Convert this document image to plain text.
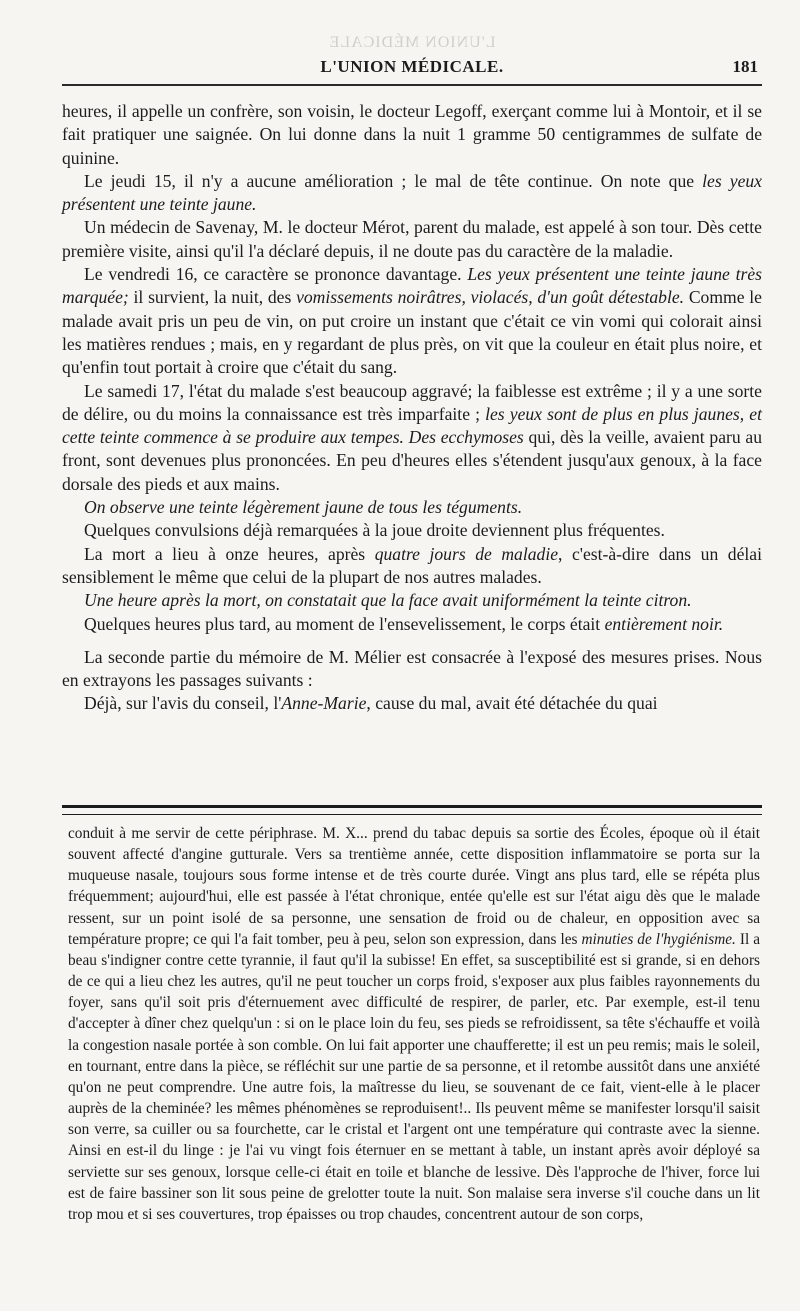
L'UNION MÉDICALE
L'UNION MÉDICALE.	181

heures, il appelle un confrère, son voisin, le docteur Legoff, exerçant comme lui à Montoir, et il se fait pratiquer une saignée. On lui donne dans la nuit 1 gramme 50 centigrammes de sulfate de quinine.

Le jeudi 15, il n'y a aucune amélioration ; le mal de tête continue. On note que les yeux présentent une teinte jaune.

Un médecin de Savenay, M. le docteur Mérot, parent du malade, est appelé à son tour. Dès cette première visite, ainsi qu'il l'a déclaré depuis, il ne doute pas du caractère de la maladie.

Le vendredi 16, ce caractère se prononce davantage. Les yeux présentent une teinte jaune très marquée; il survient, la nuit, des vomissements noirâtres, violacés, d'un goût détestable. Comme le malade avait pris un peu de vin, on put croire un instant que c'était ce vin vomi qui colorait ainsi les matières rendues ; mais, en y regardant de plus près, on vit que la couleur en était plus noire, et qu'enfin tout portait à croire que c'était du sang.

Le samedi 17, l'état du malade s'est beaucoup aggravé; la faiblesse est extrême ; il y a une sorte de délire, ou du moins la connaissance est très imparfaite ; les yeux sont de plus en plus jaunes, et cette teinte commence à se produire aux tempes. Des ecchymoses qui, dès la veille, avaient paru au front, sont devenues plus prononcées. En peu d'heures elles s'étendent jusqu'aux genoux, à la face dorsale des pieds et aux mains.

On observe une teinte légèrement jaune de tous les téguments.

Quelques convulsions déjà remarquées à la joue droite deviennent plus fréquentes.

La mort a lieu à onze heures, après quatre jours de maladie, c'est-à-dire dans un délai sensiblement le même que celui de la plupart de nos autres malades.

Une heure après la mort, on constatait que la face avait uniformément la teinte citron.

Quelques heures plus tard, au moment de l'ensevelissement, le corps était entièrement noir.

La seconde partie du mémoire de M. Mélier est consacrée à l'exposé des mesures prises. Nous en extrayons les passages suivants :

Déjà, sur l'avis du conseil, l'Anne-Marie, cause du mal, avait été détachée du quai

conduit à me servir de cette périphrase. M. X... prend du tabac depuis sa sortie des Écoles, époque où il était souvent affecté d'angine gutturale. Vers sa trentième année, cette disposition inflammatoire se porta sur la muqueuse nasale, toujours sous forme intense et de très courte durée. Vingt ans plus tard, elle se répéta plus fréquemment; aujourd'hui, elle est passée à l'état chronique, entée qu'elle est sur l'état aigu dès que le malade ressent, sur un point isolé de sa personne, une sensation de froid ou de chaleur, en opposition avec sa température propre; ce qui l'a fait tomber, peu à peu, selon son expression, dans les minuties de l'hygiénisme. Il a beau s'indigner contre cette tyrannie, il faut qu'il la subisse! En effet, sa susceptibilité est si grande, si en dehors de ce qui a lieu chez les autres, qu'il ne peut toucher un corps froid, s'exposer aux plus faibles rayonnements du foyer, sans qu'il soit pris d'éternuement avec difficulté de respirer, de parler, etc. Par exemple, est-il tenu d'accepter à dîner chez quelqu'un : si on le place loin du feu, ses pieds se refroidissent, sa tête s'échauffe et voilà la congestion nasale portée à son comble. On lui fait apporter une chaufferette; il est un peu remis; mais le soleil, en tournant, entre dans la pièce, se réfléchit sur une partie de sa personne, et il retombe aussitôt dans une anxiété qu'on ne peut comprendre. Une autre fois, la maîtresse du lieu, se souvenant de ce fait, vient-elle à le placer auprès de la cheminée? les mêmes phénomènes se reproduisent!.. Ils peuvent même se manifester lorsqu'il saisit son verre, sa cuiller ou sa fourchette, car le cristal et l'argent ont une température qui contraste avec la sienne. Ainsi en est-il du linge : je l'ai vu vingt fois éternuer en se mettant à table, un instant après avoir déployé sa serviette sur ses genoux, lorsque celle-ci était en toile et blanche de lessive. Dès l'approche de l'hiver, force lui est de faire bassiner son lit sous peine de grelotter toute la nuit. Son malaise sera inverse s'il couche dans un lit trop mou et si ses couvertures, trop épaisses ou trop chaudes, concentrent autour de son corps,
